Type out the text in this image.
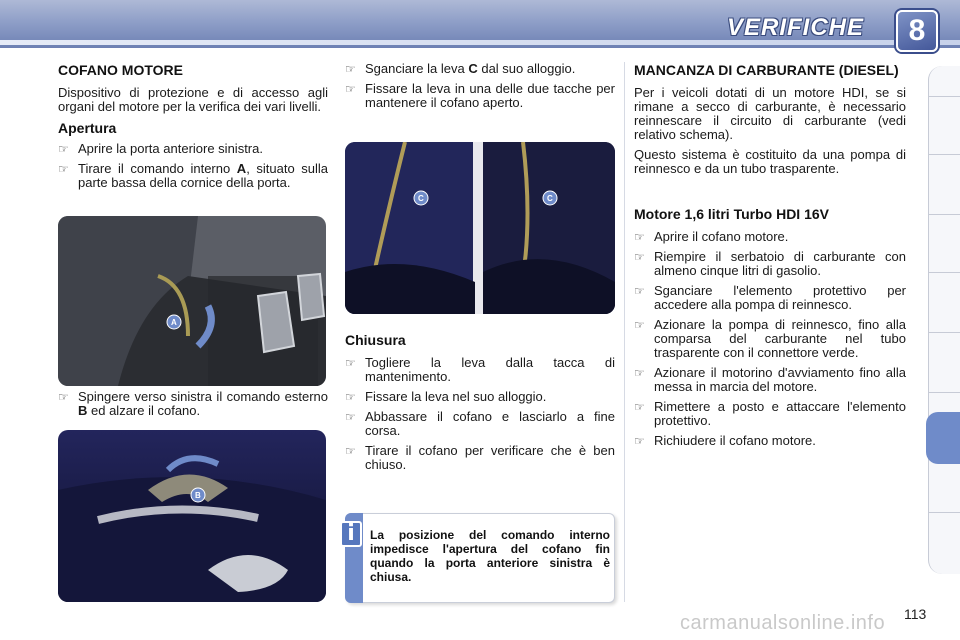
VERIFICHE	8
COFANO MOTORE

Dispositivo di protezione e di accesso agli organi del motore per la verifica dei vari livelli.

Apertura
☞ Aprire la porta anteriore sinistra.
☞ Tirare il comando interno A, situato sulla parte bassa della cornice della porta.
A
☞ Spingere verso sinistra il comando esterno B ed alzare il cofano.
B
☞ Sganciare la leva C dal suo alloggio.
☞ Fissare la leva in una delle due tacche per mantenere il cofano aperto.
C	C
Chiusura
☞ Togliere la leva dalla tacca di mantenimento.
☞ Fissare la leva nel suo alloggio.
☞ Abbassare il cofano e lasciarlo a fine corsa.
☞ Tirare il cofano per verificare che è ben chiuso.
i	La posizione del comando interno impedisce l'apertura del cofano fin quando la porta anteriore sinistra è chiusa.
MANCANZA DI CARBURANTE (DIESEL)

Per i veicoli dotati di un motore HDI, se si rimane a secco di carburante, è necessario reinnescare il circuito di carburante (vedi relativo schema).

Questo sistema è costituito da una pompa di reinnesco e da un tubo trasparente.

Motore 1,6 litri Turbo HDI 16V
☞ Aprire il cofano motore.
☞ Riempire il serbatoio di carburante con almeno cinque litri di gasolio.
☞ Sganciare l'elemento protettivo per accedere alla pompa di reinnesco.
☞ Azionare la pompa di reinnesco, fino alla comparsa del carburante nel tubo trasparente con il connettore verde.
☞ Azionare il motorino d'avviamento fino alla messa in marcia del motore.
☞ Rimettere a posto e attaccare l'elemento protettivo.
☞ Richiudere il cofano motore.
113
carmanualsonline.info
